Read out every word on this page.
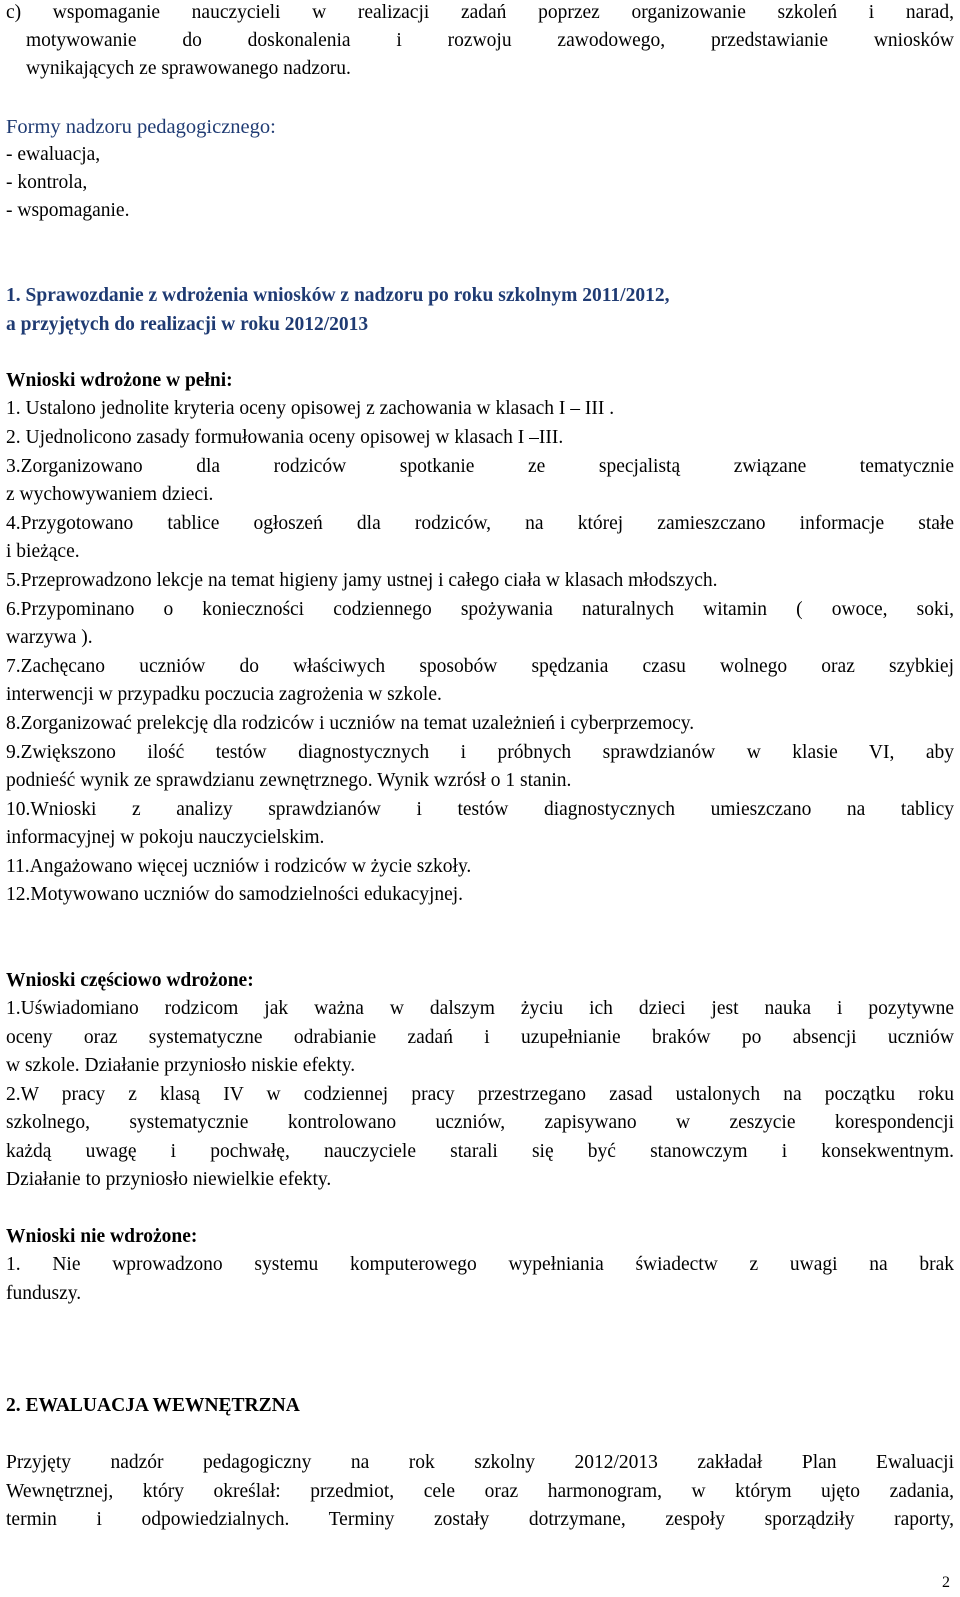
c) wspomaganie nauczycieli w realizacji zadań poprzez organizowanie szkoleń i narad,
motywowanie do doskonalenia i rozwoju zawodowego, przedstawianie wniosków
wynikających ze sprawowanego nadzoru.
Formy nadzoru pedagogicznego:
- ewaluacja,
- kontrola,
- wspomaganie.
1. Sprawozdanie z wdrożenia wniosków z nadzoru po roku szkolnym 2011/2012,
a przyjętych do realizacji w roku 2012/2013
Wnioski wdrożone w pełni:
1. Ustalono jednolite kryteria oceny opisowej z zachowania w klasach I – III .
2. Ujednolicono zasady formułowania oceny opisowej w klasach I –III.
3.Zorganizowano dla rodziców spotkanie ze specjalistą związane tematycznie
z wychowywaniem dzieci.
4.Przygotowano tablice ogłoszeń dla rodziców, na której zamieszczano informacje stałe
i bieżące.
5.Przeprowadzono lekcje na temat higieny jamy ustnej i całego ciała w klasach młodszych.
6.Przypominano o konieczności codziennego spożywania naturalnych witamin ( owoce, soki,
warzywa ).
7.Zachęcano uczniów do właściwych sposobów spędzania czasu wolnego oraz szybkiej
interwencji w przypadku poczucia zagrożenia w szkole.
8.Zorganizować prelekcję dla rodziców i uczniów na temat uzależnień i cyberprzemocy.
9.Zwiększono ilość testów diagnostycznych i próbnych sprawdzianów w klasie VI, aby
podnieść wynik ze sprawdzianu zewnętrznego. Wynik wzrósł o 1 stanin.
10.Wnioski z analizy sprawdzianów i testów diagnostycznych umieszczano na tablicy
informacyjnej w pokoju nauczycielskim.
11.Angażowano więcej uczniów i rodziców w życie szkoły.
12.Motywowano uczniów do samodzielności edukacyjnej.
Wnioski częściowo wdrożone:
1.Uświadomiano rodzicom jak ważna w dalszym życiu ich dzieci jest nauka i pozytywne
oceny oraz systematyczne odrabianie zadań i uzupełnianie braków po absencji uczniów
w szkole. Działanie przyniosło niskie efekty.
2.W pracy z klasą IV w codziennej pracy przestrzegano zasad ustalonych na początku roku
szkolnego, systematycznie kontrolowano uczniów, zapisywano w zeszycie korespondencji
każdą uwagę i pochwałę, nauczyciele starali się być stanowczym i konsekwentnym.
Działanie to przyniosło niewielkie efekty.
Wnioski nie wdrożone:
1. Nie wprowadzono systemu komputerowego wypełniania świadectw z uwagi na brak
funduszy.
2. EWALUACJA WEWNĘTRZNA
Przyjęty nadzór pedagogiczny na rok szkolny 2012/2013 zakładał Plan Ewaluacji
Wewnętrznej, który określał: przedmiot, cele oraz harmonogram, w którym ujęto zadania,
termin i odpowiedzialnych. Terminy zostały dotrzymane, zespoły sporządziły raporty,
2
